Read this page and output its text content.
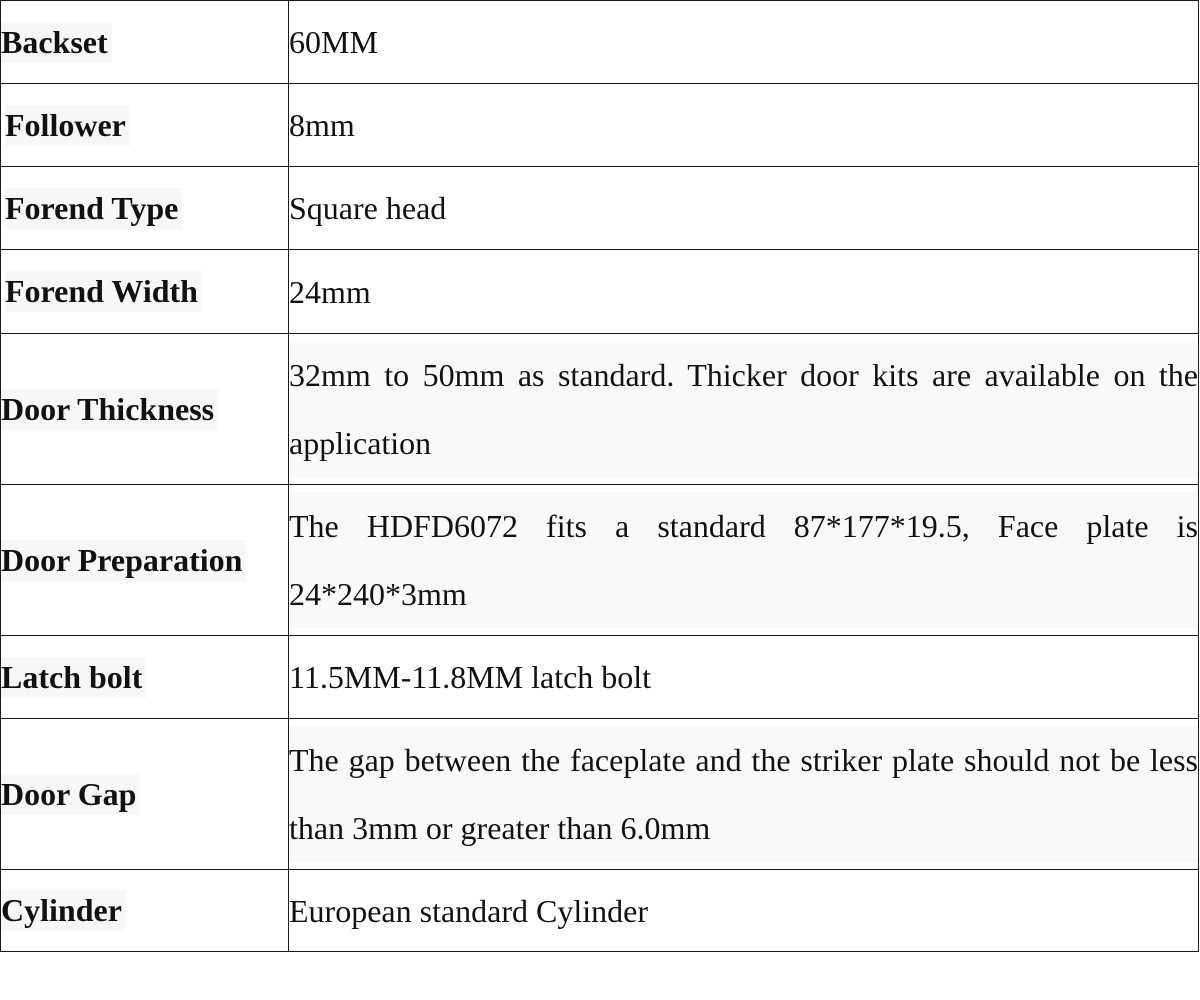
Backset	60MM

Follower	8mm

Forend Type	Square head

Forend Width	24mm

Door Thickness	32mm to 50mm as standard. Thicker door kits are available on the application

Door Preparation	The HDFD6072 fits a standard 87*177*19.5, Face plate is 24*240*3mm

Latch bolt	11.5MM-11.8MM latch bolt

Door Gap	The gap between the faceplate and the striker plate should not be less than 3mm or greater than 6.0mm

Cylinder	European standard Cylinder
